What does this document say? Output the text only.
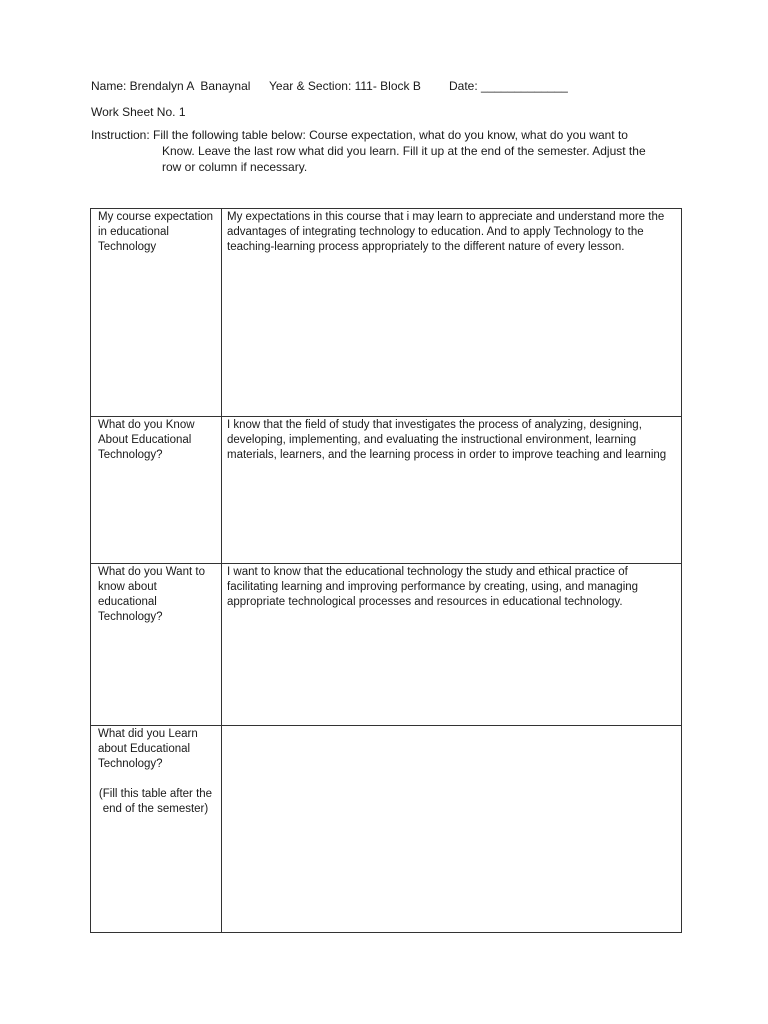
Name: Brendalyn A  Banaynal Year & Section: 111- Block B Date: _____________
Work Sheet No. 1
Instruction: Fill the following table below: Course expectation, what do you know, what do you want to
Know. Leave the last row what did you learn. Fill it up at the end of the semester. Adjust the
row or column if necessary.
My course expectation in educational Technology	My expectations in this course that i may learn to appreciate and understand more the advantages of integrating technology to education. And to apply Technology to the teaching-learning process appropriately to the different nature of every lesson.

What do you Know About Educational Technology?	I know that the field of study that investigates the process of analyzing, designing, developing, implementing, and evaluating the instructional environment, learning materials, learners, and the learning process in order to improve teaching and learning

What do you Want to know about educational Technology?	I want to know that the educational technology the study and ethical practice of facilitating learning and improving performance by creating, using, and managing appropriate technological processes and resources in educational technology.

What did you Learn about Educational Technology?
(Fill this table after the end of the semester)	
